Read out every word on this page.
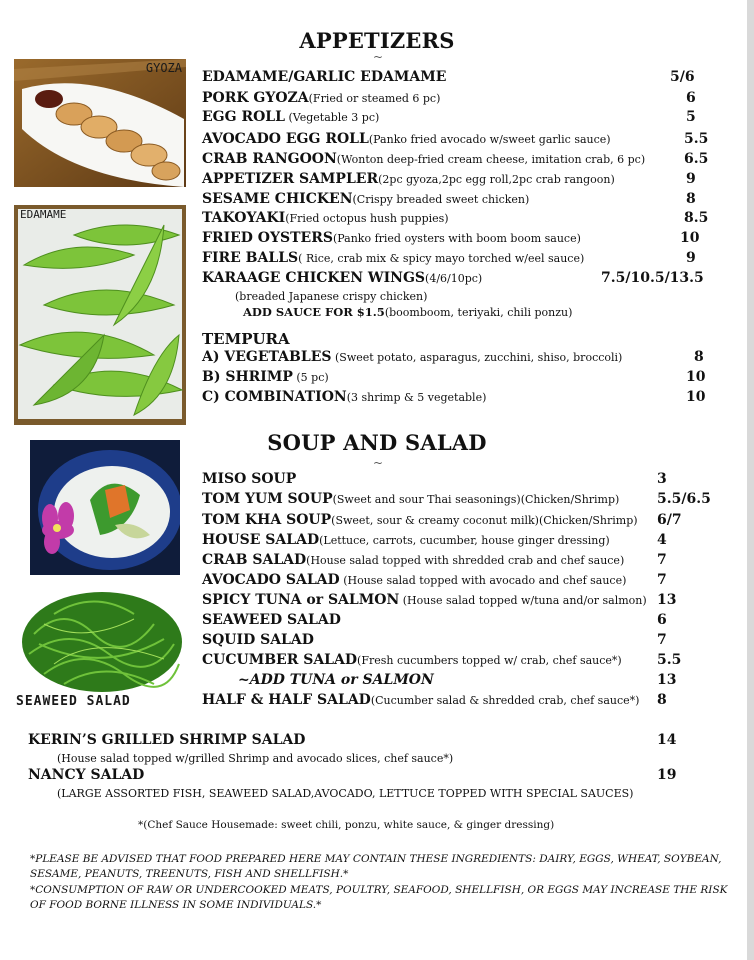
GYOZA
EDAMAME
SEAWEED SALAD
APPETIZERS
~
EDAMAME/GARLIC EDAMAME	5/6
PORK GYOZA(Fried or steamed 6 pc)	6
EGG ROLL (Vegetable 3 pc)	5
AVOCADO EGG ROLL(Panko fried avocado w/sweet garlic sauce)	5.5
CRAB RANGOON(Wonton deep-fried cream cheese, imitation crab, 6 pc)	6.5
APPETIZER SAMPLER(2pc gyoza,2pc egg roll,2pc crab rangoon)	9
SESAME CHICKEN(Crispy breaded sweet chicken)	8
TAKOYAKI(Fried octopus hush puppies)	8.5
FRIED OYSTERS(Panko fried oysters with boom boom sauce)	10
FIRE BALLS( Rice, crab mix & spicy mayo torched w/eel sauce)	9
KARAAGE CHICKEN WINGS(4/6/10pc)	7.5/10.5/13.5
(breaded Japanese crispy chicken)
ADD SAUCE FOR $1.5(boomboom, teriyaki, chili ponzu)
TEMPURA
A) VEGETABLES (Sweet potato, asparagus, zucchini, shiso, broccoli)	8
B) SHRIMP (5 pc)	10
C) COMBINATION(3 shrimp & 5 vegetable)	10
SOUP AND SALAD
~
MISO SOUP	3
TOM YUM SOUP(Sweet and sour Thai seasonings)(Chicken/Shrimp)	5.5/6.5
TOM KHA SOUP(Sweet, sour & creamy coconut milk)(Chicken/Shrimp) 6/7
HOUSE SALAD(Lettuce, carrots, cucumber, house ginger dressing)	4
CRAB SALAD(House salad topped with shredded crab and chef sauce) 7
AVOCADO SALAD (House salad topped with avocado and chef sauce) 7
SPICY TUNA or SALMON (House salad topped w/tuna and/or salmon) 13
SEAWEED SALAD	6
SQUID SALAD	7
CUCUMBER SALAD(Fresh cucumbers topped w/ crab, chef sauce*)	5.5
~ADD TUNA or SALMON	13
HALF & HALF SALAD(Cucumber salad & shredded crab, chef sauce*) 8
KERIN’S GRILLED SHRIMP SALAD	14
(House salad topped w/grilled Shrimp and avocado slices, chef sauce*)
NANCY SALAD	19
(LARGE ASSORTED FISH, SEAWEED SALAD,AVOCADO, LETTUCE TOPPED WITH SPECIAL SAUCES)
*(Chef Sauce Housemade: sweet chili, ponzu, white sauce, & ginger dressing)
*PLEASE BE ADVISED THAT FOOD PREPARED HERE MAY CONTAIN THESE INGREDIENTS: DAIRY, EGGS, WHEAT, SOYBEAN, SESAME, PEANUTS, TREENUTS, FISH AND SHELLFISH.*
*CONSUMPTION OF RAW OR UNDERCOOKED MEATS, POULTRY, SEAFOOD, SHELLFISH, OR EGGS MAY INCREASE THE RISK OF FOOD BORNE ILLNESS IN SOME INDIVIDUALS.*
